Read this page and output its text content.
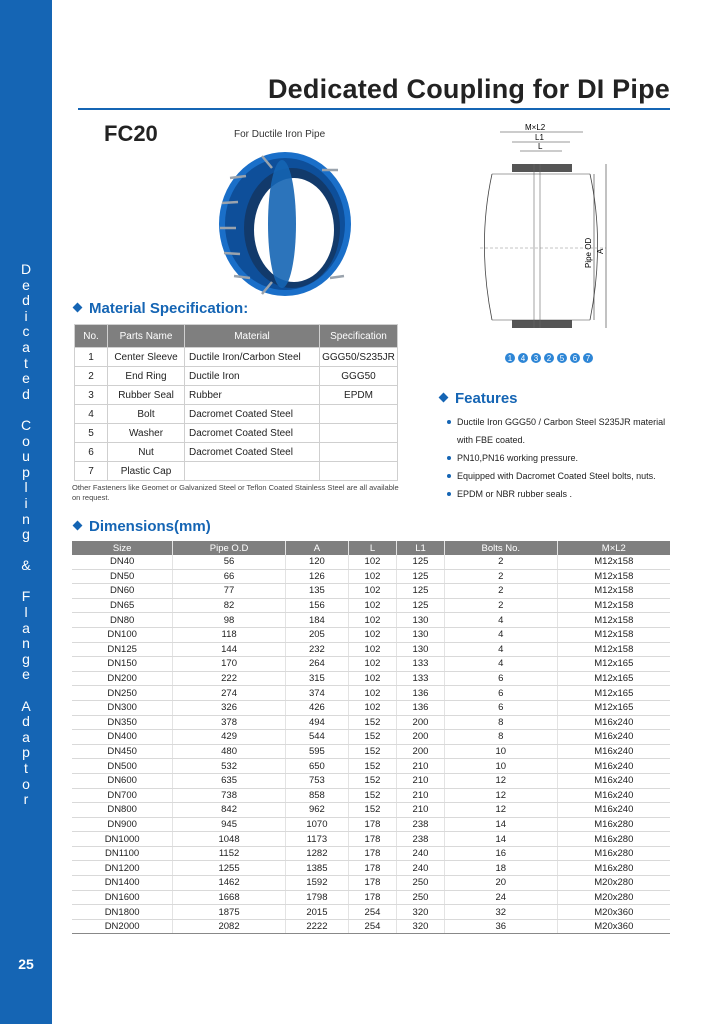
D
e
d
i
c
a
t
e
d

C
o
u
p
l
i
n
g

&

F
l
a
n
g
e

A
d
a
p
t
o
r
25
Dedicated Coupling for DI Pipe
FC20	For Ductile Iron Pipe
Material Specification:
No.	Parts Name	Material	Specification
1	Center Sleeve	Ductile Iron/Carbon Steel	GGG50/S235JR
2	End Ring	Ductile Iron	GGG50
3	Rubber Seal	Rubber	EPDM
4	Bolt	Dacromet Coated Steel	
5	Washer	Dacromet Coated Steel	
6	Nut	Dacromet Coated Steel	
7	Plastic Cap		
Other Fasteners like Geomet or Galvanized Steel or Teflon Coated Stainless Steel are all available on request.
M×L2
L1
L
Pipe OD A
1 4 3 2 5 6 7
Features
Ductile Iron GGG50 / Carbon Steel S235JR material
with FBE coated.
PN10,PN16 working pressure.
Equipped with Dacromet Coated Steel bolts, nuts.
EPDM or NBR rubber seals .
Dimensions(mm)
Size	Pipe O.D	A	L	L1	Bolts No.	M×L2
DN40	56	120	102	125	2	M12x158
DN50	66	126	102	125	2	M12x158
DN60	77	135	102	125	2	M12x158
DN65	82	156	102	125	2	M12x158
DN80	98	184	102	130	4	M12x158
DN100	118	205	102	130	4	M12x158
DN125	144	232	102	130	4	M12x158
DN150	170	264	102	133	4	M12x165
DN200	222	315	102	133	6	M12x165
DN250	274	374	102	136	6	M12x165
DN300	326	426	102	136	6	M12x165
DN350	378	494	152	200	8	M16x240
DN400	429	544	152	200	8	M16x240
DN450	480	595	152	200	10	M16x240
DN500	532	650	152	210	10	M16x240
DN600	635	753	152	210	12	M16x240
DN700	738	858	152	210	12	M16x240
DN800	842	962	152	210	12	M16x240
DN900	945	1070	178	238	14	M16x280
DN1000	1048	1173	178	238	14	M16x280
DN1100	1152	1282	178	240	16	M16x280
DN1200	1255	1385	178	240	18	M16x280
DN1400	1462	1592	178	250	20	M20x280
DN1600	1668	1798	178	250	24	M20x280
DN1800	1875	2015	254	320	32	M20x360
DN2000	2082	2222	254	320	36	M20x360
